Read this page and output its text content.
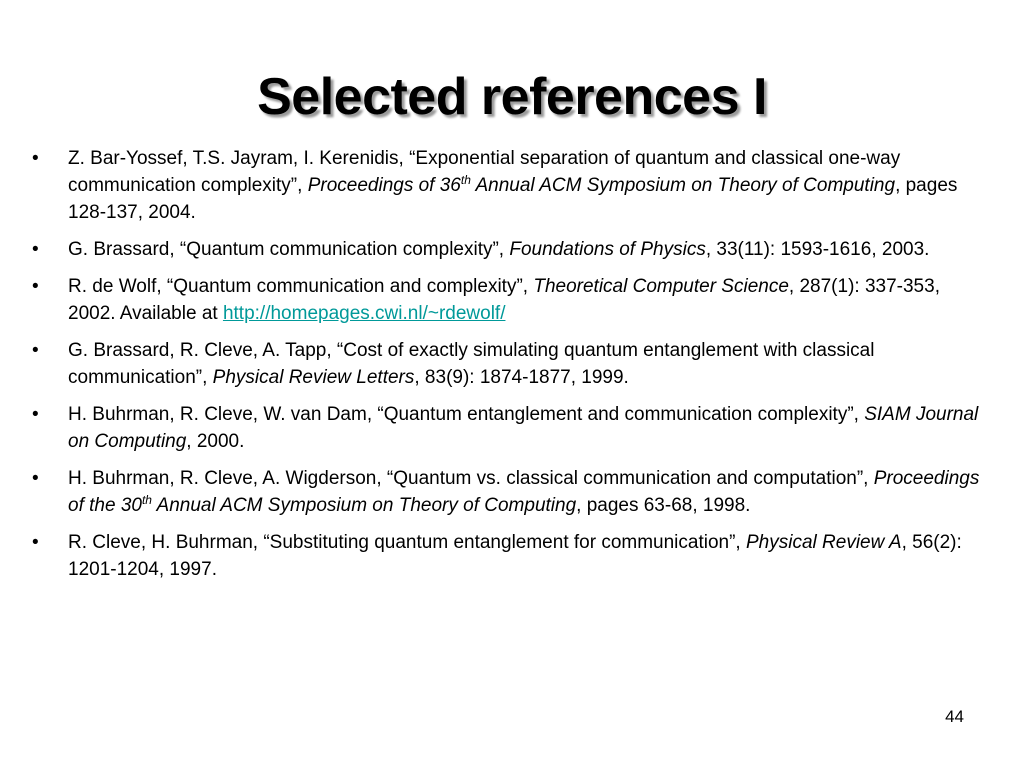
Selected references I
•	Z. Bar-Yossef, T.S. Jayram, I. Kerenidis, “Exponential separation of quantum and classical one-way communication complexity”, Proceedings of 36th Annual ACM Symposium on Theory of Computing, pages 128-137, 2004.
•	G. Brassard, “Quantum communication complexity”, Foundations of Physics, 33(11): 1593-1616, 2003.
•	R. de Wolf, “Quantum communication and complexity”, Theoretical Computer Science, 287(1): 337-353, 2002. Available at http://homepages.cwi.nl/~rdewolf/
•	G. Brassard, R. Cleve, A. Tapp, “Cost of exactly simulating quantum entanglement with classical communication”, Physical Review Letters, 83(9): 1874-1877, 1999.
•	H. Buhrman, R. Cleve, W. van Dam, “Quantum entanglement and communication complexity”, SIAM Journal on Computing, 2000.
•	H. Buhrman, R. Cleve, A. Wigderson, “Quantum vs. classical communication and computation”, Proceedings of the 30th Annual ACM Symposium on Theory of Computing, pages 63-68, 1998.
•	R. Cleve, H. Buhrman, “Substituting quantum entanglement for communication”, Physical Review A, 56(2): 1201-1204, 1997.
44
